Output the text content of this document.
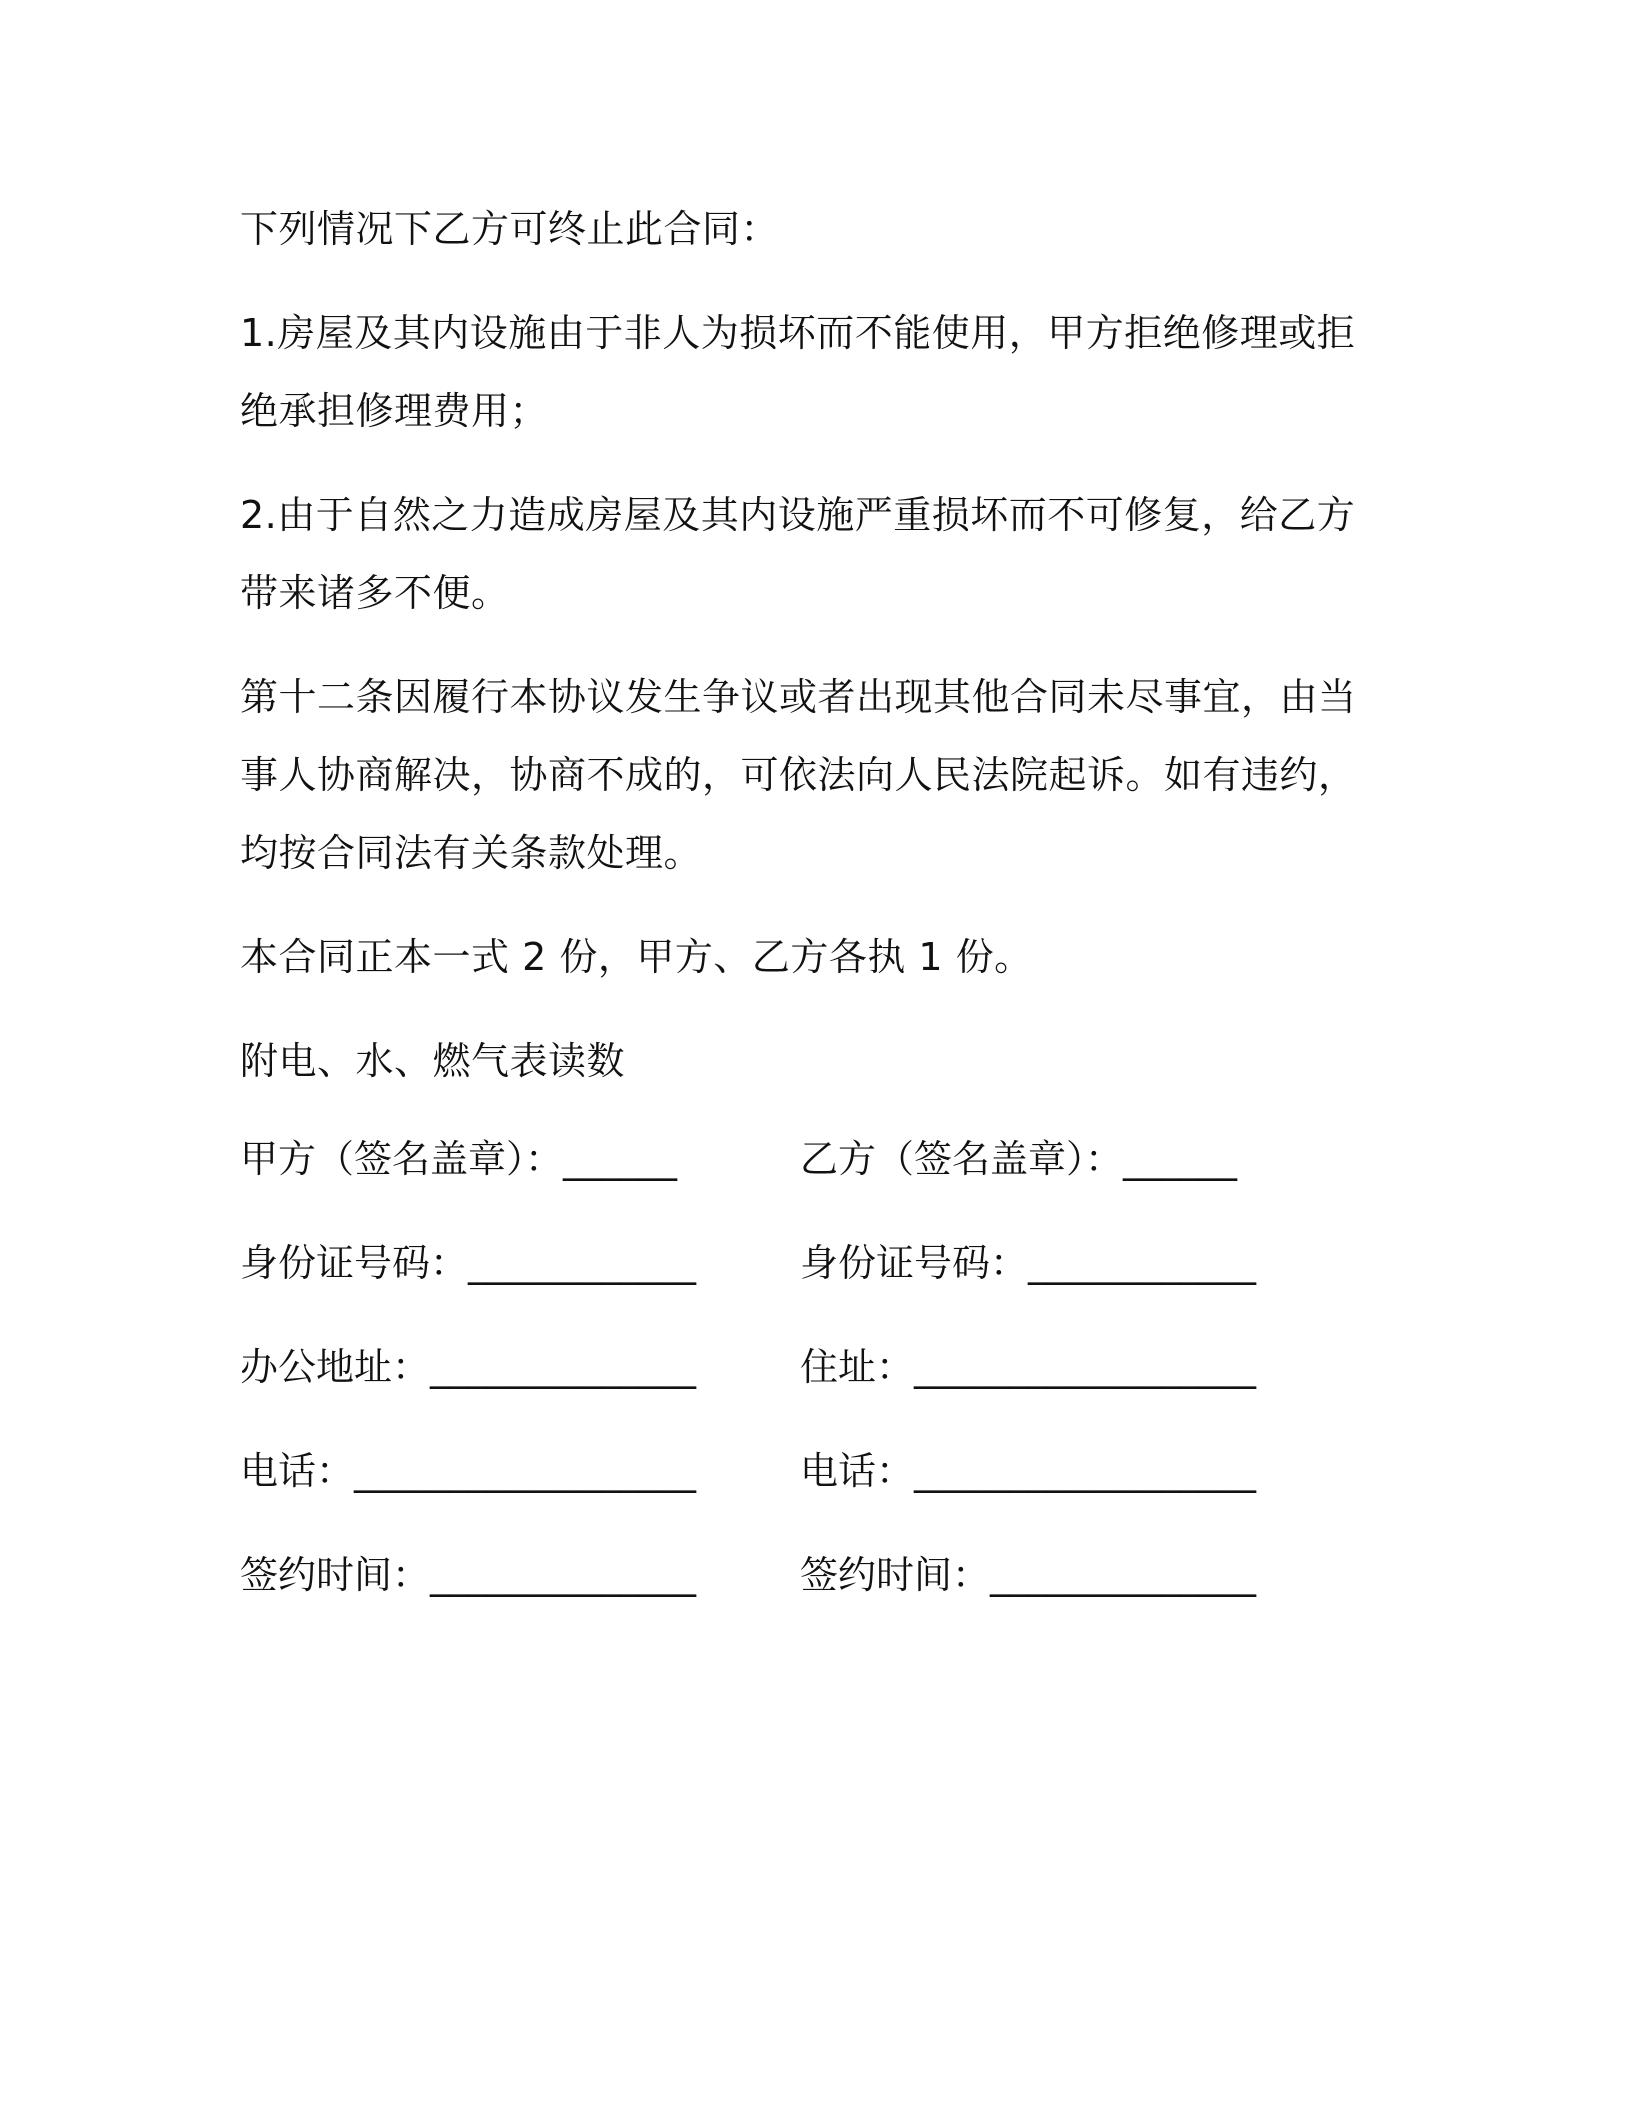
下列情况下乙方可终止此合同：

1.房屋及其内设施由于非人为损坏而不能使用，甲方拒绝修理或拒绝承担修理费用；

2.由于自然之力造成房屋及其内设施严重损坏而不可修复，给乙方带来诸多不便。

第十二条因履行本协议发生争议或者出现其他合同未尽事宜，由当事人协商解决，协商不成的，可依法向人民法院起诉。如有违约，均按合同法有关条款处理。

本合同正本一式 2 份，甲方、乙方各执 1 份。

附电、水、燃气表读数

甲方（签名盖章）：______	乙方（签名盖章）：______
身份证号码：____________	身份证号码：____________
办公地址：______________	住址：__________________
电话：__________________	电话：__________________
签约时间：______________	签约时间：______________
